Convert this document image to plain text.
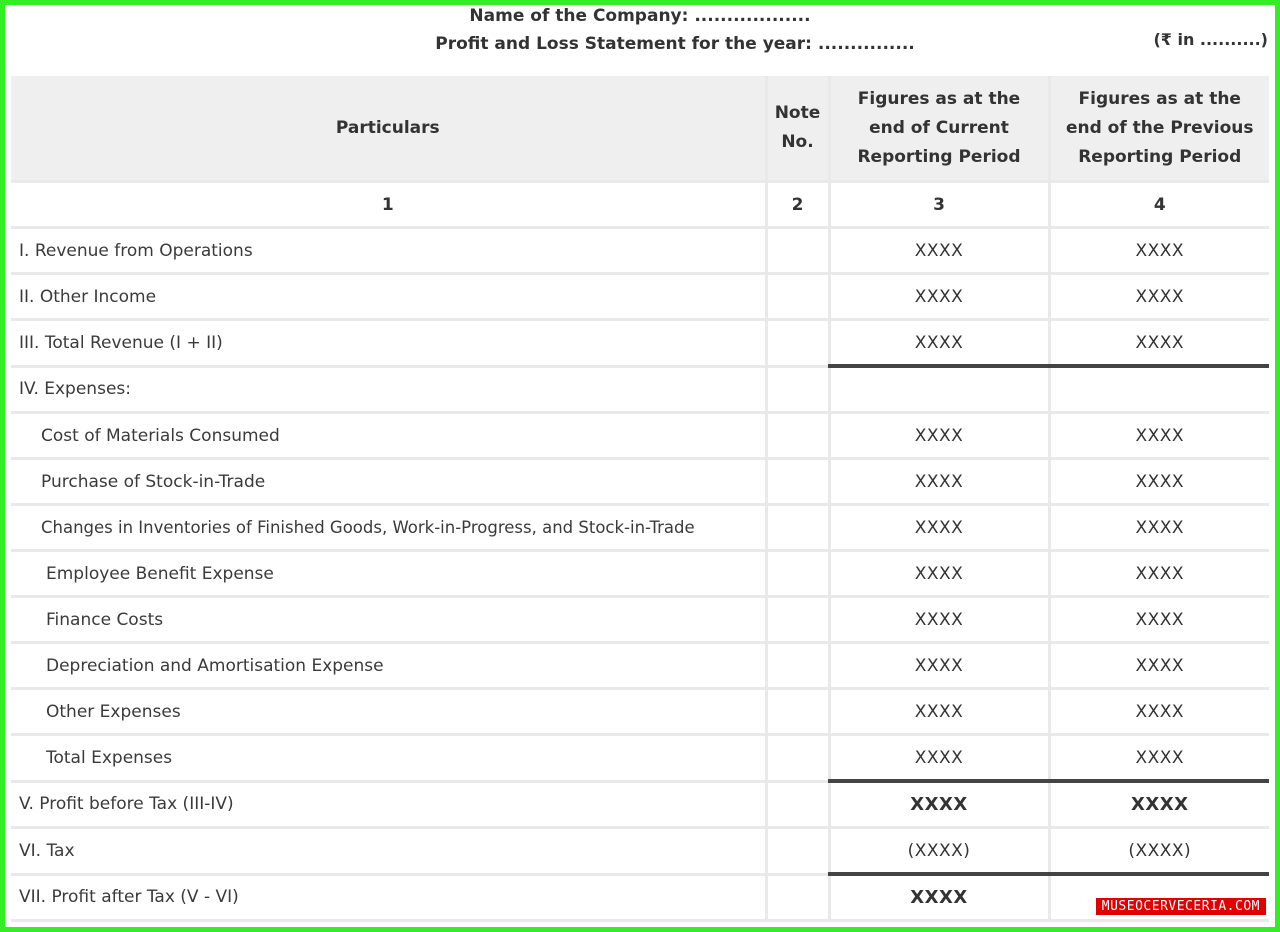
Name of the Company: ..................
Profit and Loss Statement for the year: ...............	(₹ in ..........)
Particulars	Note No.	Figures as at the end of Current Reporting Period	Figures as at the end of the Previous Reporting Period
1	2	3	4
I. Revenue from Operations		XXXX	XXXX
II. Other Income		XXXX	XXXX
III. Total Revenue (I + II)		XXXX	XXXX
IV. Expenses:			
Cost of Materials Consumed		XXXX	XXXX
Purchase of Stock-in-Trade		XXXX	XXXX
Changes in Inventories of Finished Goods, Work-in-Progress, and Stock-in-Trade		XXXX	XXXX
Employee Benefit Expense		XXXX	XXXX
Finance Costs		XXXX	XXXX
Depreciation and Amortisation Expense		XXXX	XXXX
Other Expenses		XXXX	XXXX
Total Expenses		XXXX	XXXX
V. Profit before Tax (III-IV)		XXXX	XXXX
VI. Tax		(XXXX)	(XXXX)
VII. Profit after Tax (V - VI)		XXXX		MUSEOCERVECERIA.COM
